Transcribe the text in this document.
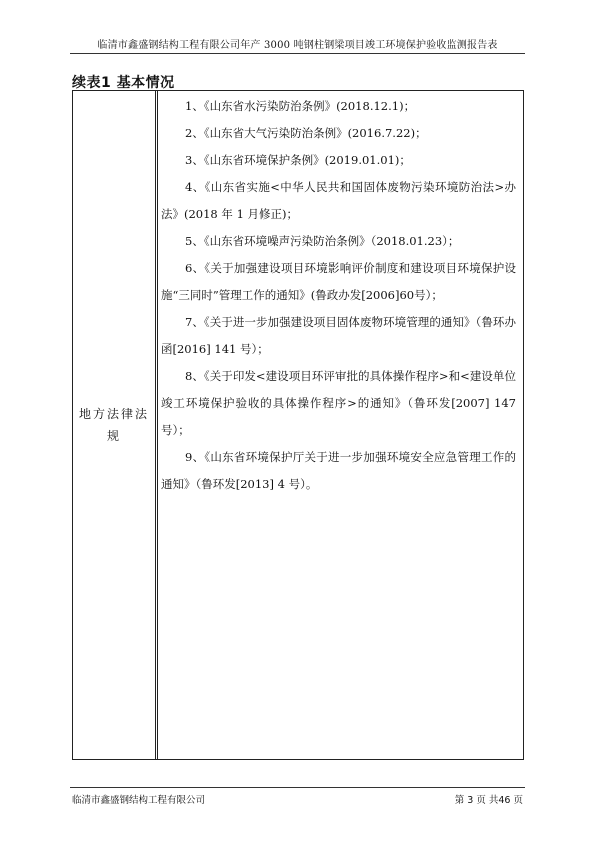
临清市鑫盛钢结构工程有限公司年产 3000 吨钢柱钢梁项目竣工环境保护验收监测报告表
续表1 基本情况
地方法律法规

1、《山东省水污染防治条例》(2018.12.1)；

2、《山东省大气污染防治条例》(2016.7.22)；

3、《山东省环境保护条例》(2019.01.01)；

4、《山东省实施<中华人民共和国固体废物污染环境防治法>办法》(2018 年 1 月修正)；

5、《山东省环境噪声污染防治条例》（2018.01.23）；

6、《关于加强建设项目环境影响评价制度和建设项目环境保护设施“三同时”管理工作的通知》(鲁政办发[2006]60号）；

7、《关于进一步加强建设项目固体废物环境管理的通知》（鲁环办函[2016] 141 号）；

8、《关于印发<建设项目环评审批的具体操作程序>和<建设单位竣工环境保护验收的具体操作程序>的通知》（鲁环发[2007] 147 号）；

9、《山东省环境保护厅关于进一步加强环境安全应急管理工作的通知》（鲁环发[2013] 4 号）。

临清市鑫盛钢结构工程有限公司	第 3 页 共46 页
